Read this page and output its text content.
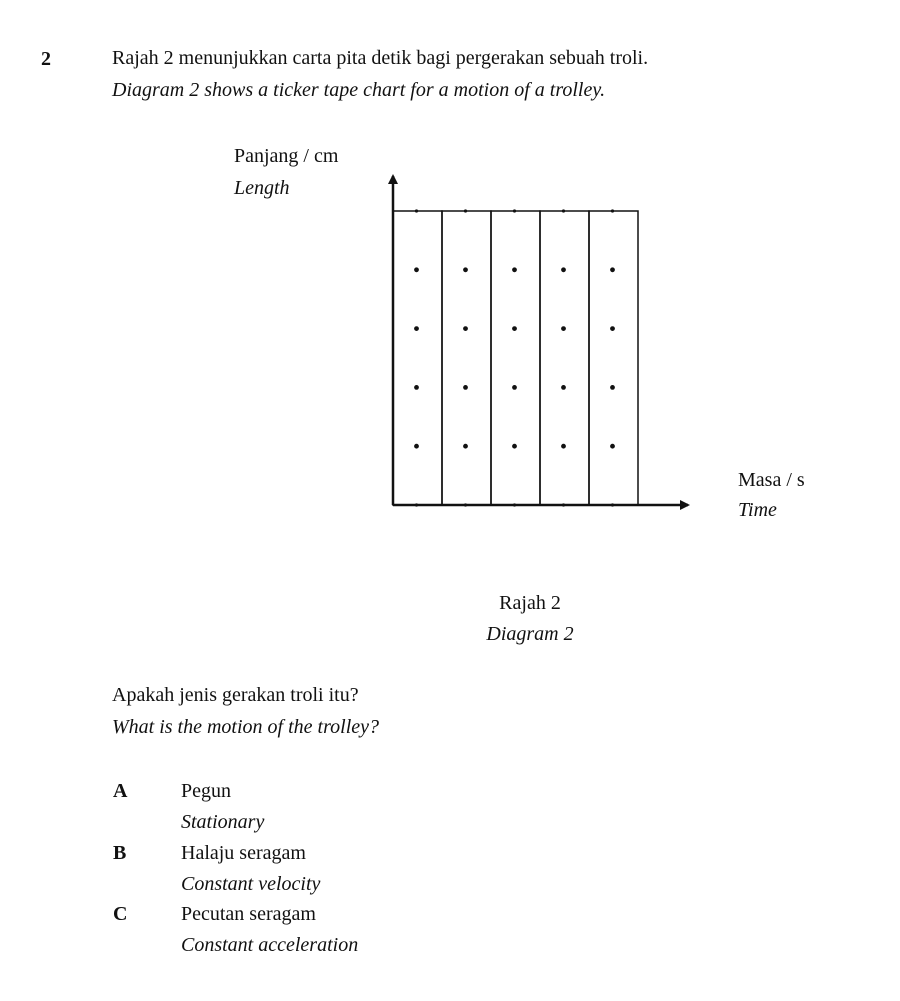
2	Rajah 2 menunjukkan carta pita detik bagi pergerakan sebuah troli.
Diagram 2 shows a ticker tape chart for a motion of a trolley.
Panjang / cm
Length
Masa / s
Time
Rajah 2
Diagram 2
Apakah jenis gerakan troli itu?
What is the motion of the trolley?
A	Pegun
Stationary
B	Halaju seragam
Constant velocity
C	Pecutan seragam
Constant acceleration
